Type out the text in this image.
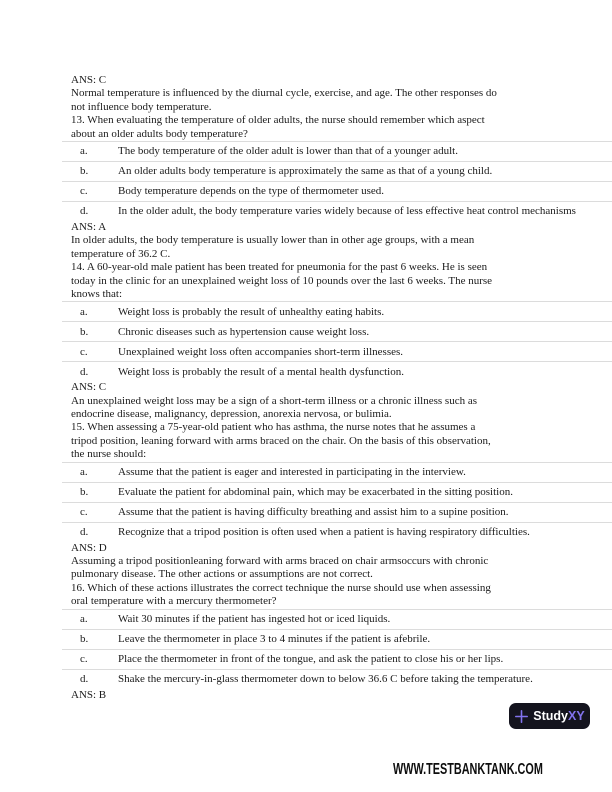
ANS: C
Normal temperature is influenced by the diurnal cycle, exercise, and age. The other responses do
not influence body temperature.
13. When evaluating the temperature of older adults, the nurse should remember which aspect
about an older adults body temperature?
a.	The body temperature of the older adult is lower than that of a younger adult.
b.	An older adults body temperature is approximately the same as that of a young child.
c.	Body temperature depends on the type of thermometer used.
d.	In the older adult, the body temperature varies widely because of less effective heat control mechanisms
ANS: A
In older adults, the body temperature is usually lower than in other age groups, with a mean
temperature of 36.2 C.
14. A 60-year-old male patient has been treated for pneumonia for the past 6 weeks. He is seen
today in the clinic for an unexplained weight loss of 10 pounds over the last 6 weeks. The nurse
knows that:
a.	Weight loss is probably the result of unhealthy eating habits.
b.	Chronic diseases such as hypertension cause weight loss.
c.	Unexplained weight loss often accompanies short-term illnesses.
d.	Weight loss is probably the result of a mental health dysfunction.
ANS: C
An unexplained weight loss may be a sign of a short-term illness or a chronic illness such as
endocrine disease, malignancy, depression, anorexia nervosa, or bulimia.
15. When assessing a 75-year-old patient who has asthma, the nurse notes that he assumes a
tripod position, leaning forward with arms braced on the chair. On the basis of this observation,
the nurse should:
a.	Assume that the patient is eager and interested in participating in the interview.
b.	Evaluate the patient for abdominal pain, which may be exacerbated in the sitting position.
c.	Assume that the patient is having difficulty breathing and assist him to a supine position.
d.	Recognize that a tripod position is often used when a patient is having respiratory difficulties.
ANS: D
Assuming a tripod positionleaning forward with arms braced on chair armsoccurs with chronic
pulmonary disease. The other actions or assumptions are not correct.
16. Which of these actions illustrates the correct technique the nurse should use when assessing
oral temperature with a mercury thermometer?
a.	Wait 30 minutes if the patient has ingested hot or iced liquids.
b.	Leave the thermometer in place 3 to 4 minutes if the patient is afebrile.
c.	Place the thermometer in front of the tongue, and ask the patient to close his or her lips.
d.	Shake the mercury-in-glass thermometer down to below 36.6 C before taking the temperature.
ANS: B
StudyXY
WWW.TESTBANKTANK.COM
